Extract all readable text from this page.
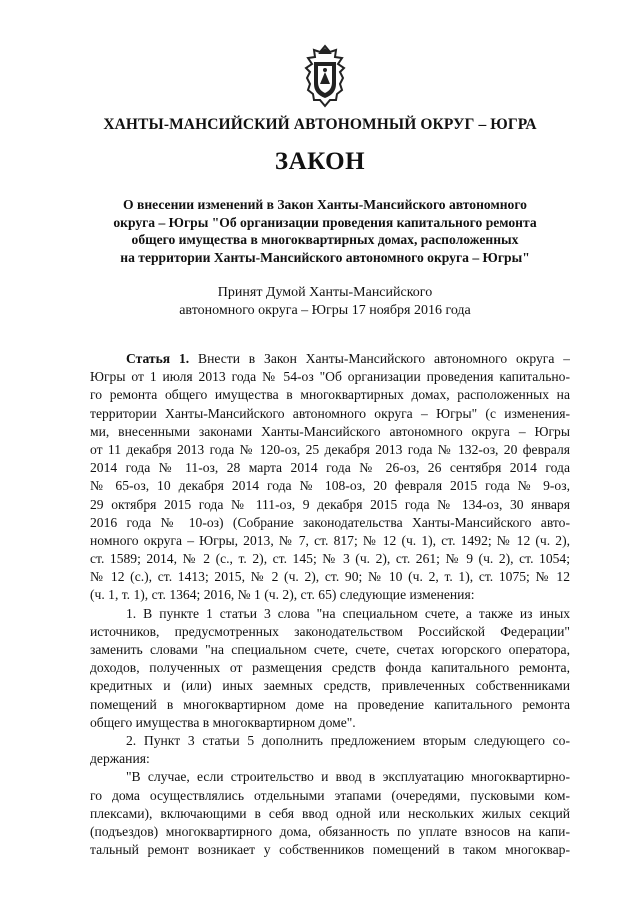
ХАНТЫ-МАНСИЙСКИЙ АВТОНОМНЫЙ ОКРУГ – ЮГРА
ЗАКОН
О внесении изменений в Закон Ханты-Мансийского автономного
округа – Югры "Об организации проведения капитального ремонта
общего имущества в многоквартирных домах, расположенных
на территории Ханты-Мансийского автономного округа – Югры"
Принят Думой Ханты-Мансийского
автономного округа – Югры 17 ноября 2016 года
Статья 1. Внести в Закон Ханты-Мансийского автономного округа –
Югры от 1 июля 2013 года № 54-оз "Об организации проведения капитально-
го ремонта общего имущества в многоквартирных домах, расположенных на
территории Ханты-Мансийского автономного округа – Югры" (с изменения-
ми, внесенными законами Ханты-Мансийского автономного округа – Югры
от 11 декабря 2013 года № 120-оз, 25 декабря 2013 года № 132-оз, 20 февраля
2014 года № 11-оз, 28 марта 2014 года № 26-оз, 26 сентября 2014 года
№ 65-оз, 10 декабря 2014 года № 108-оз, 20 февраля 2015 года № 9-оз,
29 октября 2015 года № 111-оз, 9 декабря 2015 года № 134-оз, 30 января
2016 года № 10-оз) (Собрание законодательства Ханты-Мансийского авто-
номного округа – Югры, 2013, № 7, ст. 817; № 12 (ч. 1), ст. 1492; № 12 (ч. 2),
ст. 1589; 2014, № 2 (с., т. 2), ст. 145; № 3 (ч. 2), ст. 261; № 9 (ч. 2), ст. 1054;
№ 12 (с.), ст. 1413; 2015, № 2 (ч. 2), ст. 90; № 10 (ч. 2, т. 1), ст. 1075; № 12
(ч. 1, т. 1), ст. 1364; 2016, № 1 (ч. 2), ст. 65) следующие изменения:
1. В пункте 1 статьи 3 слова "на специальном счете, а также из иных
источников, предусмотренных законодательством Российской Федерации"
заменить словами "на специальном счете, счете, счетах югорского оператора,
доходов, полученных от размещения средств фонда капитального ремонта,
кредитных и (или) иных заемных средств, привлеченных собственниками
помещений в многоквартирном доме на проведение капитального ремонта
общего имущества в многоквартирном доме".
2. Пункт 3 статьи 5 дополнить предложением вторым следующего со-
держания:
"В случае, если строительство и ввод в эксплуатацию многоквартирно-
го дома осуществлялись отдельными этапами (очередями, пусковыми ком-
плексами), включающими в себя ввод одной или нескольких жилых секций
(подъездов) многоквартирного дома, обязанность по уплате взносов на капи-
тальный ремонт возникает у собственников помещений в таком многоквар-
